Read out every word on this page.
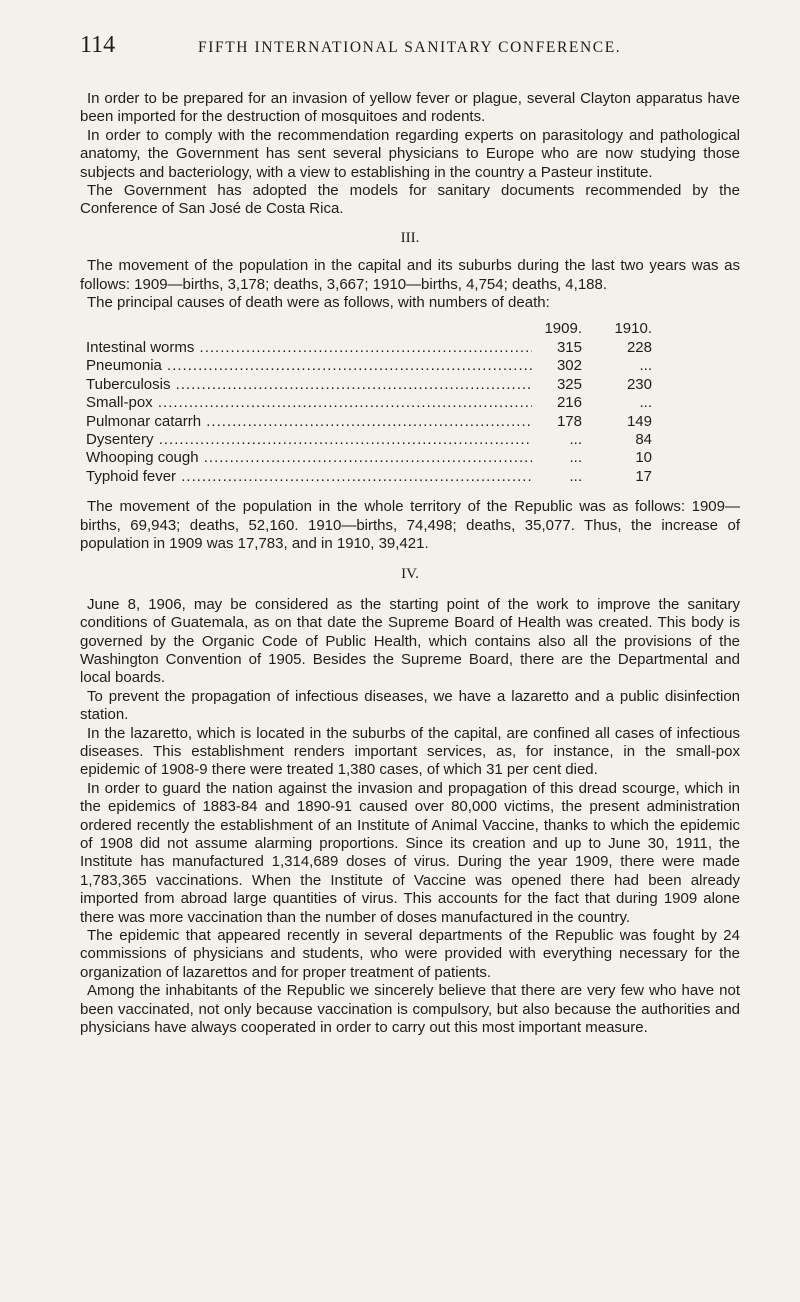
114	FIFTH INTERNATIONAL SANITARY CONFERENCE.

In order to be prepared for an invasion of yellow fever or plague, several Clayton apparatus have been imported for the destruction of mosquitoes and rodents.

In order to comply with the recommendation regarding experts on parasitology and pathological anatomy, the Government has sent several physicians to Europe who are now studying those subjects and bacteriology, with a view to establishing in the country a Pasteur institute.

The Government has adopted the models for sanitary documents recommended by the Conference of San José de Costa Rica.

III.

The movement of the population in the capital and its suburbs during the last two years was as follows: 1909—births, 3,178; deaths, 3,667; 1910—births, 4,754; deaths, 4,188.

The principal causes of death were as follows, with numbers of death:

1909.	1910.
Intestinal worms .....	315	228
Pneumonia .....	302	...
Tuberculosis .....	325	230
Small-pox .....	216	...
Pulmonar catarrh .....	178	149
Dysentery .....	...	84
Whooping cough .....	...	10
Typhoid fever .....	...	17

The movement of the population in the whole territory of the Republic was as follows: 1909—births, 69,943; deaths, 52,160. 1910—births, 74,498; deaths, 35,077. Thus, the increase of population in 1909 was 17,783, and in 1910, 39,421.

IV.

June 8, 1906, may be considered as the starting point of the work to improve the sanitary conditions of Guatemala, as on that date the Supreme Board of Health was created. This body is governed by the Organic Code of Public Health, which contains also all the provisions of the Washington Convention of 1905. Besides the Supreme Board, there are the Departmental and local boards.

To prevent the propagation of infectious diseases, we have a lazaretto and a public disinfection station.

In the lazaretto, which is located in the suburbs of the capital, are confined all cases of infectious diseases. This establishment renders important services, as, for instance, in the small-pox epidemic of 1908-9 there were treated 1,380 cases, of which 31 per cent died.

In order to guard the nation against the invasion and propagation of this dread scourge, which in the epidemics of 1883-84 and 1890-91 caused over 80,000 victims, the present administration ordered recently the establishment of an Institute of Animal Vaccine, thanks to which the epidemic of 1908 did not assume alarming proportions. Since its creation and up to June 30, 1911, the Institute has manufactured 1,314,689 doses of virus. During the year 1909, there were made 1,783,365 vaccinations. When the Institute of Vaccine was opened there had been already imported from abroad large quantities of virus. This accounts for the fact that during 1909 alone there was more vaccination than the number of doses manufactured in the country.

The epidemic that appeared recently in several departments of the Republic was fought by 24 commissions of physicians and students, who were provided with everything necessary for the organization of lazarettos and for proper treatment of patients.

Among the inhabitants of the Republic we sincerely believe that there are very few who have not been vaccinated, not only because vaccination is compulsory, but also because the authorities and physicians have always cooperated in order to carry out this most important measure.
